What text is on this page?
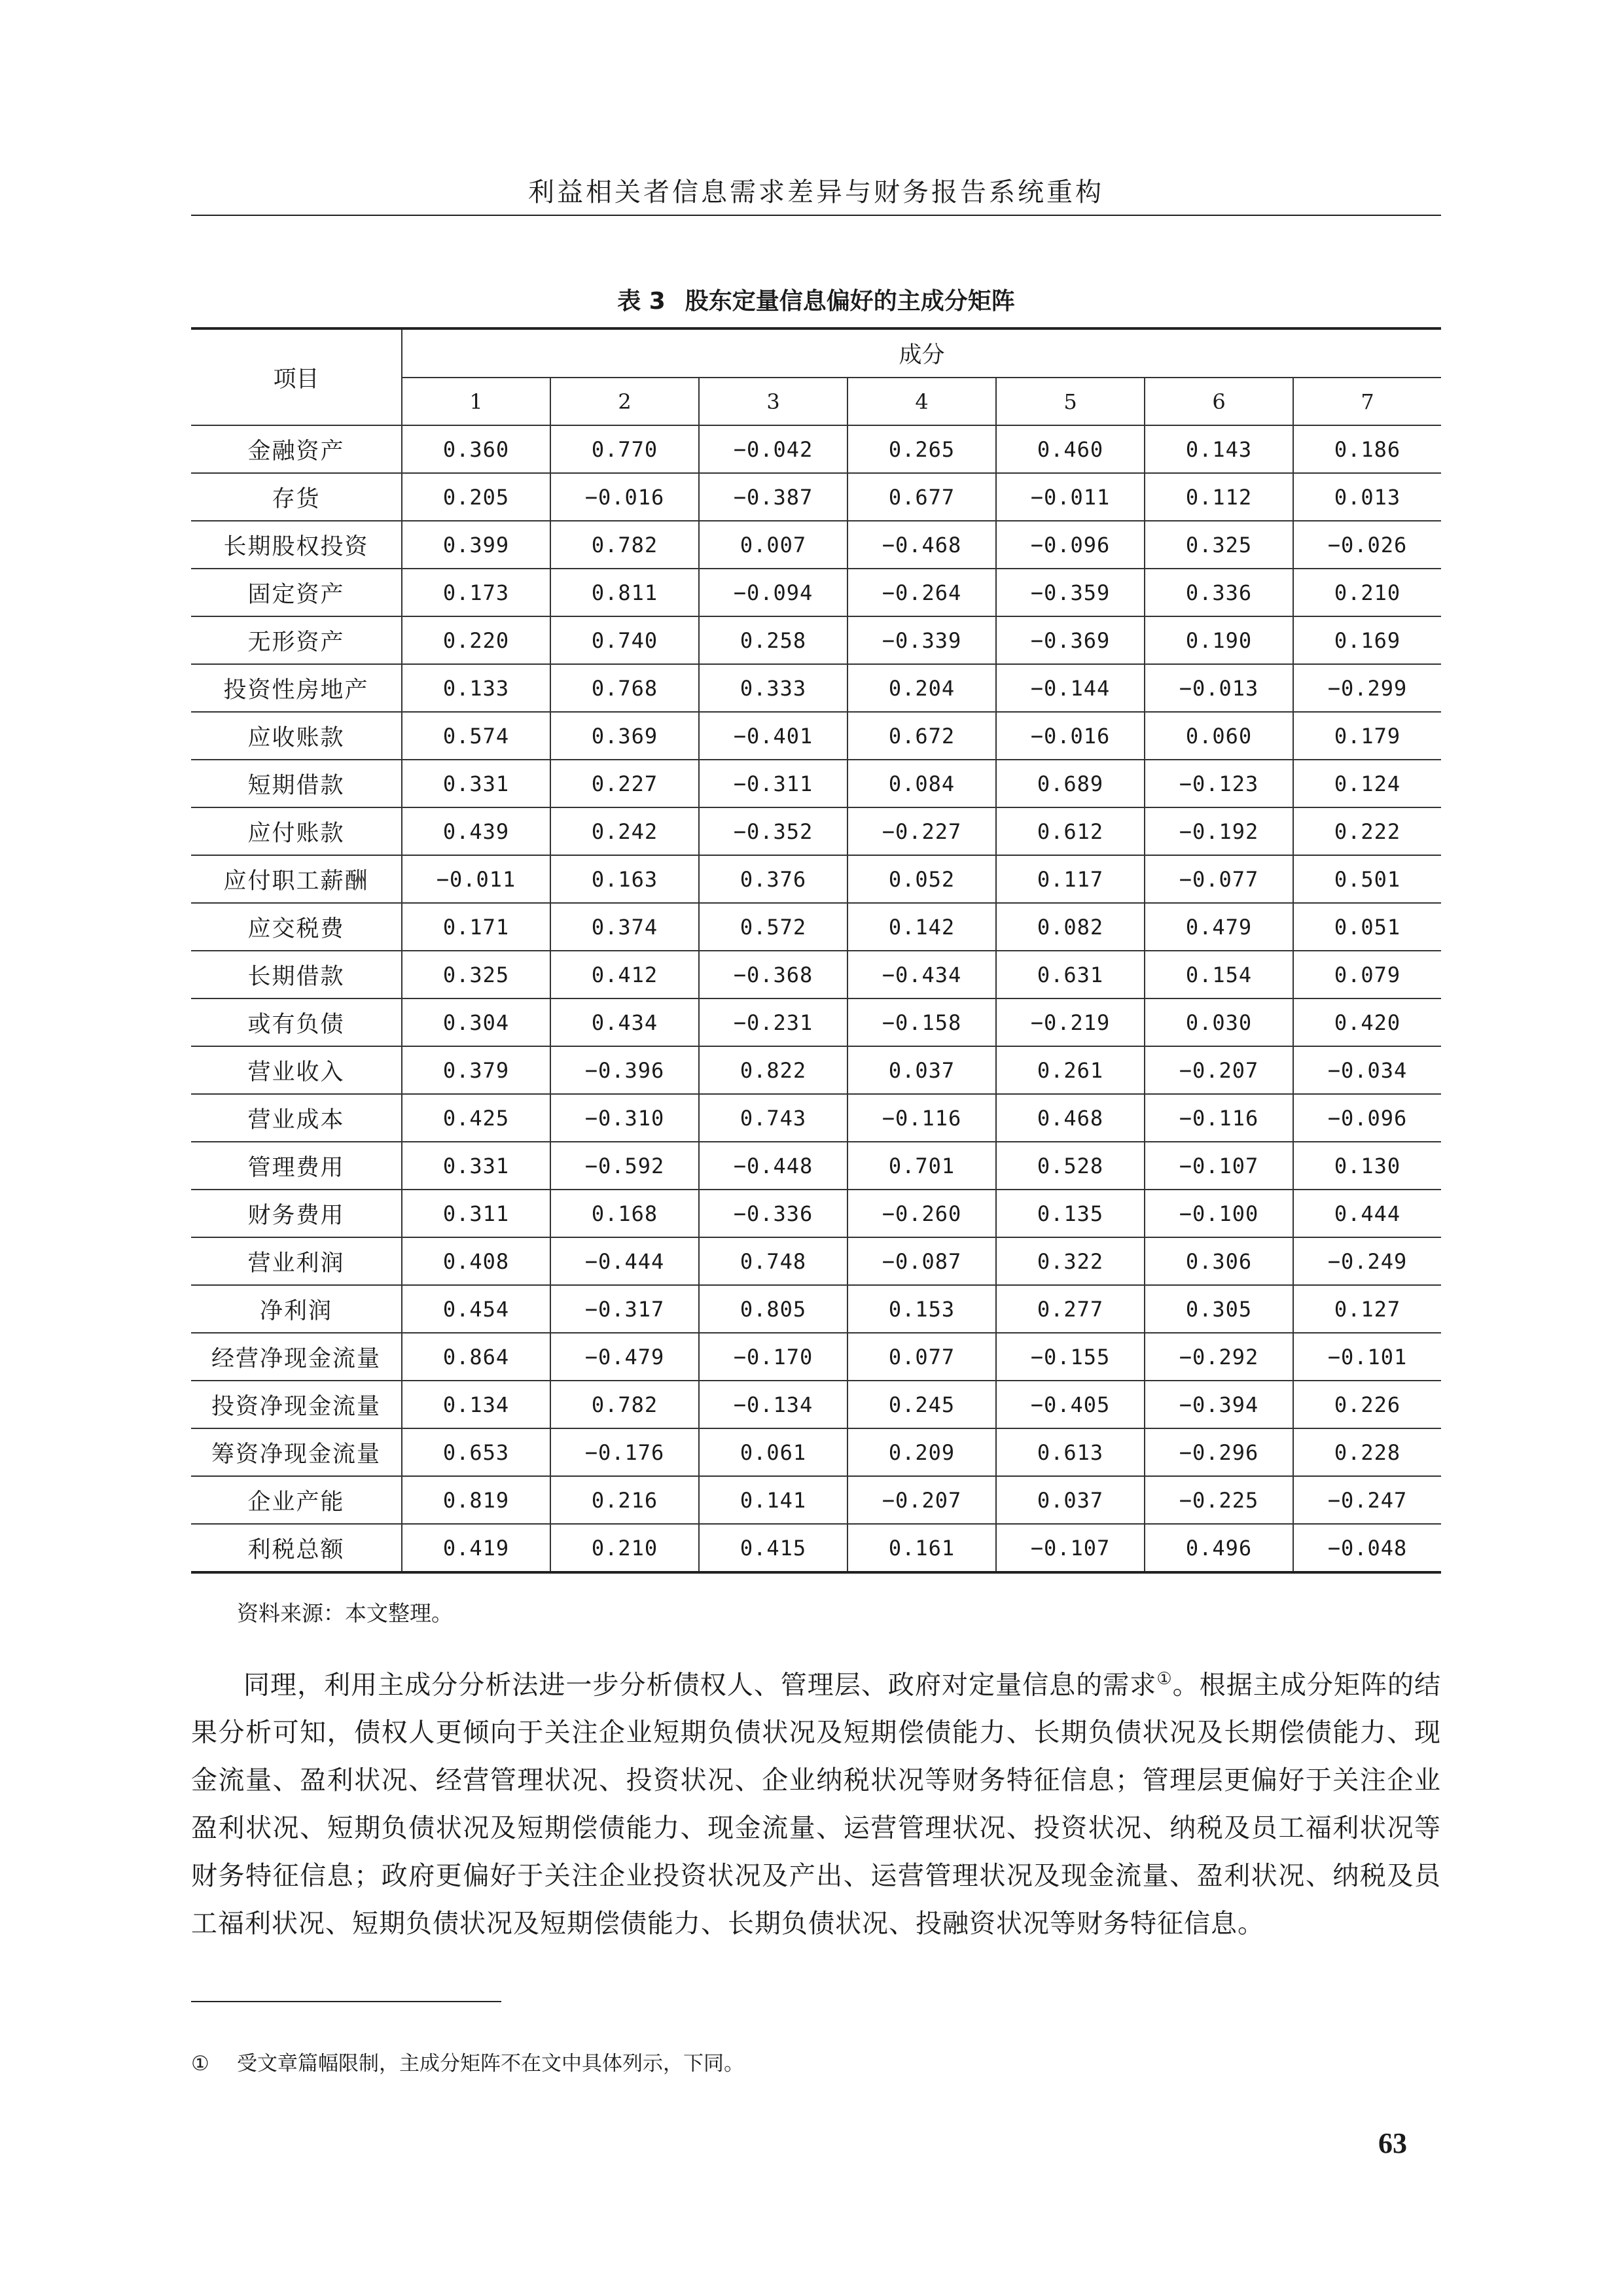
利益相关者信息需求差异与财务报告系统重构
表 3 股东定量信息偏好的主成分矩阵
项目	成分						
	1	2	3	4	5	6	7
金融资产	0.360	0.770	−0.042	0.265	0.460	0.143	0.186
存货	0.205	−0.016	−0.387	0.677	−0.011	0.112	0.013
长期股权投资	0.399	0.782	0.007	−0.468	−0.096	0.325	−0.026
固定资产	0.173	0.811	−0.094	−0.264	−0.359	0.336	0.210
无形资产	0.220	0.740	0.258	−0.339	−0.369	0.190	0.169
投资性房地产	0.133	0.768	0.333	0.204	−0.144	−0.013	−0.299
应收账款	0.574	0.369	−0.401	0.672	−0.016	0.060	0.179
短期借款	0.331	0.227	−0.311	0.084	0.689	−0.123	0.124
应付账款	0.439	0.242	−0.352	−0.227	0.612	−0.192	0.222
应付职工薪酬	−0.011	0.163	0.376	0.052	0.117	−0.077	0.501
应交税费	0.171	0.374	0.572	0.142	0.082	0.479	0.051
长期借款	0.325	0.412	−0.368	−0.434	0.631	0.154	0.079
或有负债	0.304	0.434	−0.231	−0.158	−0.219	0.030	0.420
营业收入	0.379	−0.396	0.822	0.037	0.261	−0.207	−0.034
营业成本	0.425	−0.310	0.743	−0.116	0.468	−0.116	−0.096
管理费用	0.331	−0.592	−0.448	0.701	0.528	−0.107	0.130
财务费用	0.311	0.168	−0.336	−0.260	0.135	−0.100	0.444
营业利润	0.408	−0.444	0.748	−0.087	0.322	0.306	−0.249
净利润	0.454	−0.317	0.805	0.153	0.277	0.305	0.127
经营净现金流量	0.864	−0.479	−0.170	0.077	−0.155	−0.292	−0.101
投资净现金流量	0.134	0.782	−0.134	0.245	−0.405	−0.394	0.226
筹资净现金流量	0.653	−0.176	0.061	0.209	0.613	−0.296	0.228
企业产能	0.819	0.216	0.141	−0.207	0.037	−0.225	−0.247
利税总额	0.419	0.210	0.415	0.161	−0.107	0.496	−0.048
资料来源：本文整理。
同理，利用主成分分析法进一步分析债权人、管理层、政府对定量信息的需求①。根据主成分矩阵的结果分析可知，债权人更倾向于关注企业短期负债状况及短期偿债能力、长期负债状况及长期偿债能力、现金流量、盈利状况、经营管理状况、投资状况、企业纳税状况等财务特征信息；管理层更偏好于关注企业盈利状况、短期负债状况及短期偿债能力、现金流量、运营管理状况、投资状况、纳税及员工福利状况等财务特征信息；政府更偏好于关注企业投资状况及产出、运营管理状况及现金流量、盈利状况、纳税及员工福利状况、短期负债状况及短期偿债能力、长期负债状况、投融资状况等财务特征信息。
① 受文章篇幅限制，主成分矩阵不在文中具体列示，下同。
63
